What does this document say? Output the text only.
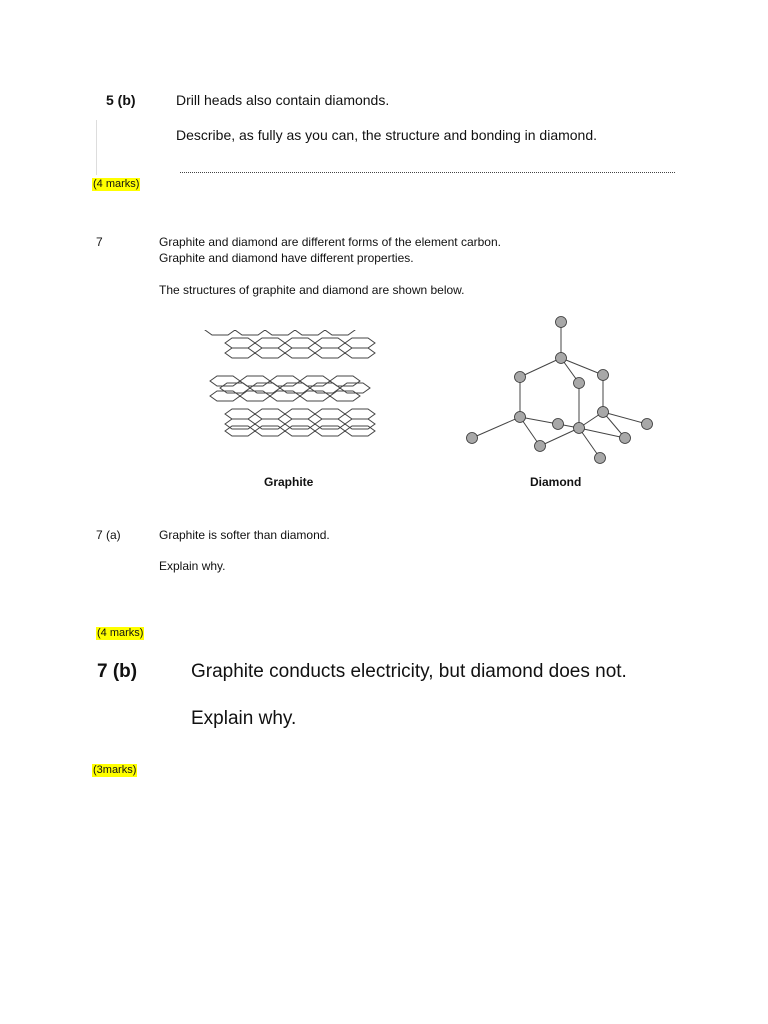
5 (b)	Drill heads also contain diamonds.
Describe, as fully as you can, the structure and bonding in diamond.
(4 marks)
7	Graphite and diamond are different forms of the element carbon.
Graphite and diamond have different properties.
The structures of graphite and diamond are shown below.
Graphite	Diamond
7 (a)	Graphite is softer than diamond.
Explain why.
(4 marks)
7 (b)	Graphite conducts electricity, but diamond does not.
Explain why.
(3marks)
